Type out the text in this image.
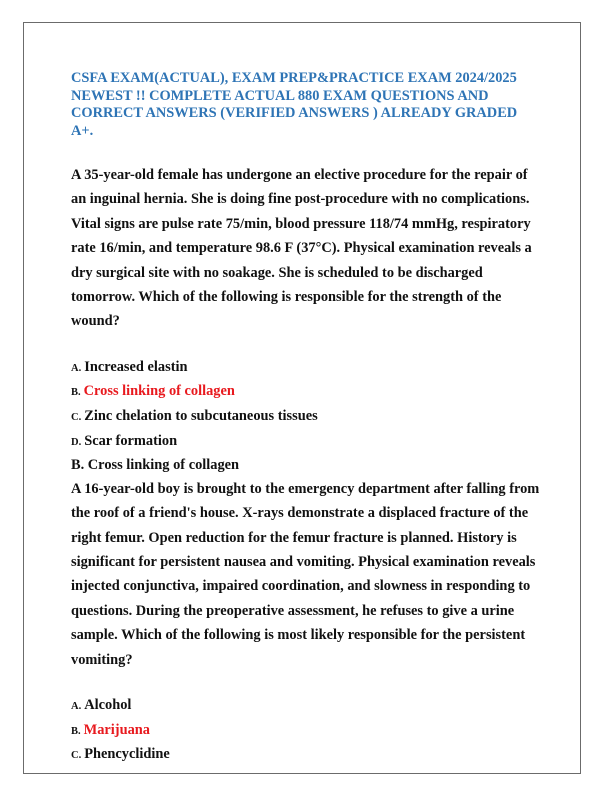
CSFA EXAM(ACTUAL), EXAM PREP&PRACTICE EXAM 2024/2025 NEWEST !! COMPLETE ACTUAL 880 EXAM QUESTIONS AND CORRECT ANSWERS (VERIFIED ANSWERS ) ALREADY GRADED A+.

A 35-year-old female has undergone an elective procedure for the repair of an inguinal hernia. She is doing fine post-procedure with no complications. Vital signs are pulse rate 75/min, blood pressure 118/74 mmHg, respiratory rate 16/min, and temperature 98.6 F (37°C). Physical examination reveals a dry surgical site with no soakage. She is scheduled to be discharged tomorrow. Which of the following is responsible for the strength of the wound?

A. Increased elastin
B. Cross linking of collagen
C. Zinc chelation to subcutaneous tissues
D. Scar formation

B. Cross linking of collagen

A 16-year-old boy is brought to the emergency department after falling from the roof of a friend's house. X-rays demonstrate a displaced fracture of the right femur. Open reduction for the femur fracture is planned. History is significant for persistent nausea and vomiting. Physical examination reveals injected conjunctiva, impaired coordination, and slowness in responding to questions. During the preoperative assessment, he refuses to give a urine sample. Which of the following is most likely responsible for the persistent vomiting?

A. Alcohol
B. Marijuana
C. Phencyclidine
